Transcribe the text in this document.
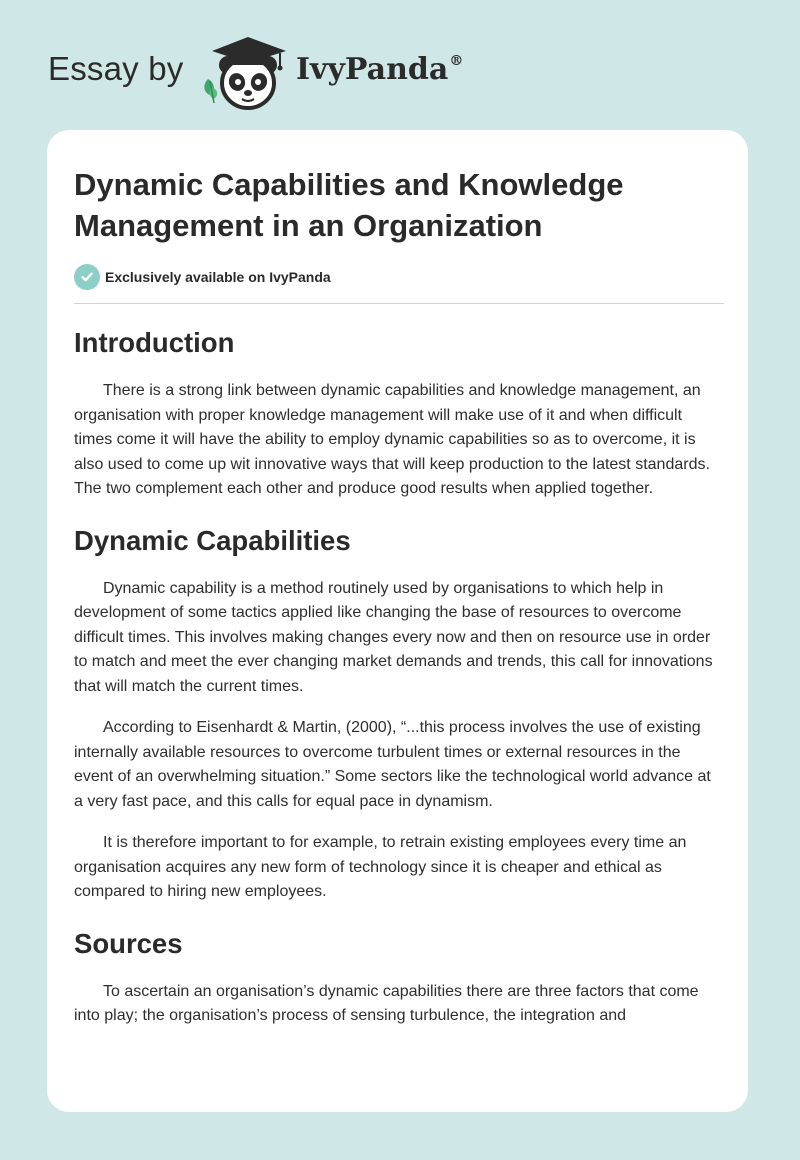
Essay by	IvyPanda®
Dynamic Capabilities and Knowledge
Management in an Organization
Exclusively available on IvyPanda
Introduction

There is a strong link between dynamic capabilities and knowledge management, an organisation with proper knowledge management will make use of it and when difficult times come it will have the ability to employ dynamic capabilities so as to overcome, it is also used to come up wit innovative ways that will keep production to the latest standards. The two complement each other and produce good results when applied together.

Dynamic Capabilities

Dynamic capability is a method routinely used by organisations to which help in development of some tactics applied like changing the base of resources to overcome difficult times. This involves making changes every now and then on resource use in order to match and meet the ever changing market demands and trends, this call for innovations that will match the current times.

According to Eisenhardt & Martin, (2000), “...this process involves the use of existing internally available resources to overcome turbulent times or external resources in the event of an overwhelming situation.” Some sectors like the technological world advance at a very fast pace, and this calls for equal pace in dynamism.

It is therefore important to for example, to retrain existing employees every time an organisation acquires any new form of technology since it is cheaper and ethical as compared to hiring new employees.

Sources

To ascertain an organisation’s dynamic capabilities there are three factors that come into play; the organisation’s process of sensing turbulence, the integration and
